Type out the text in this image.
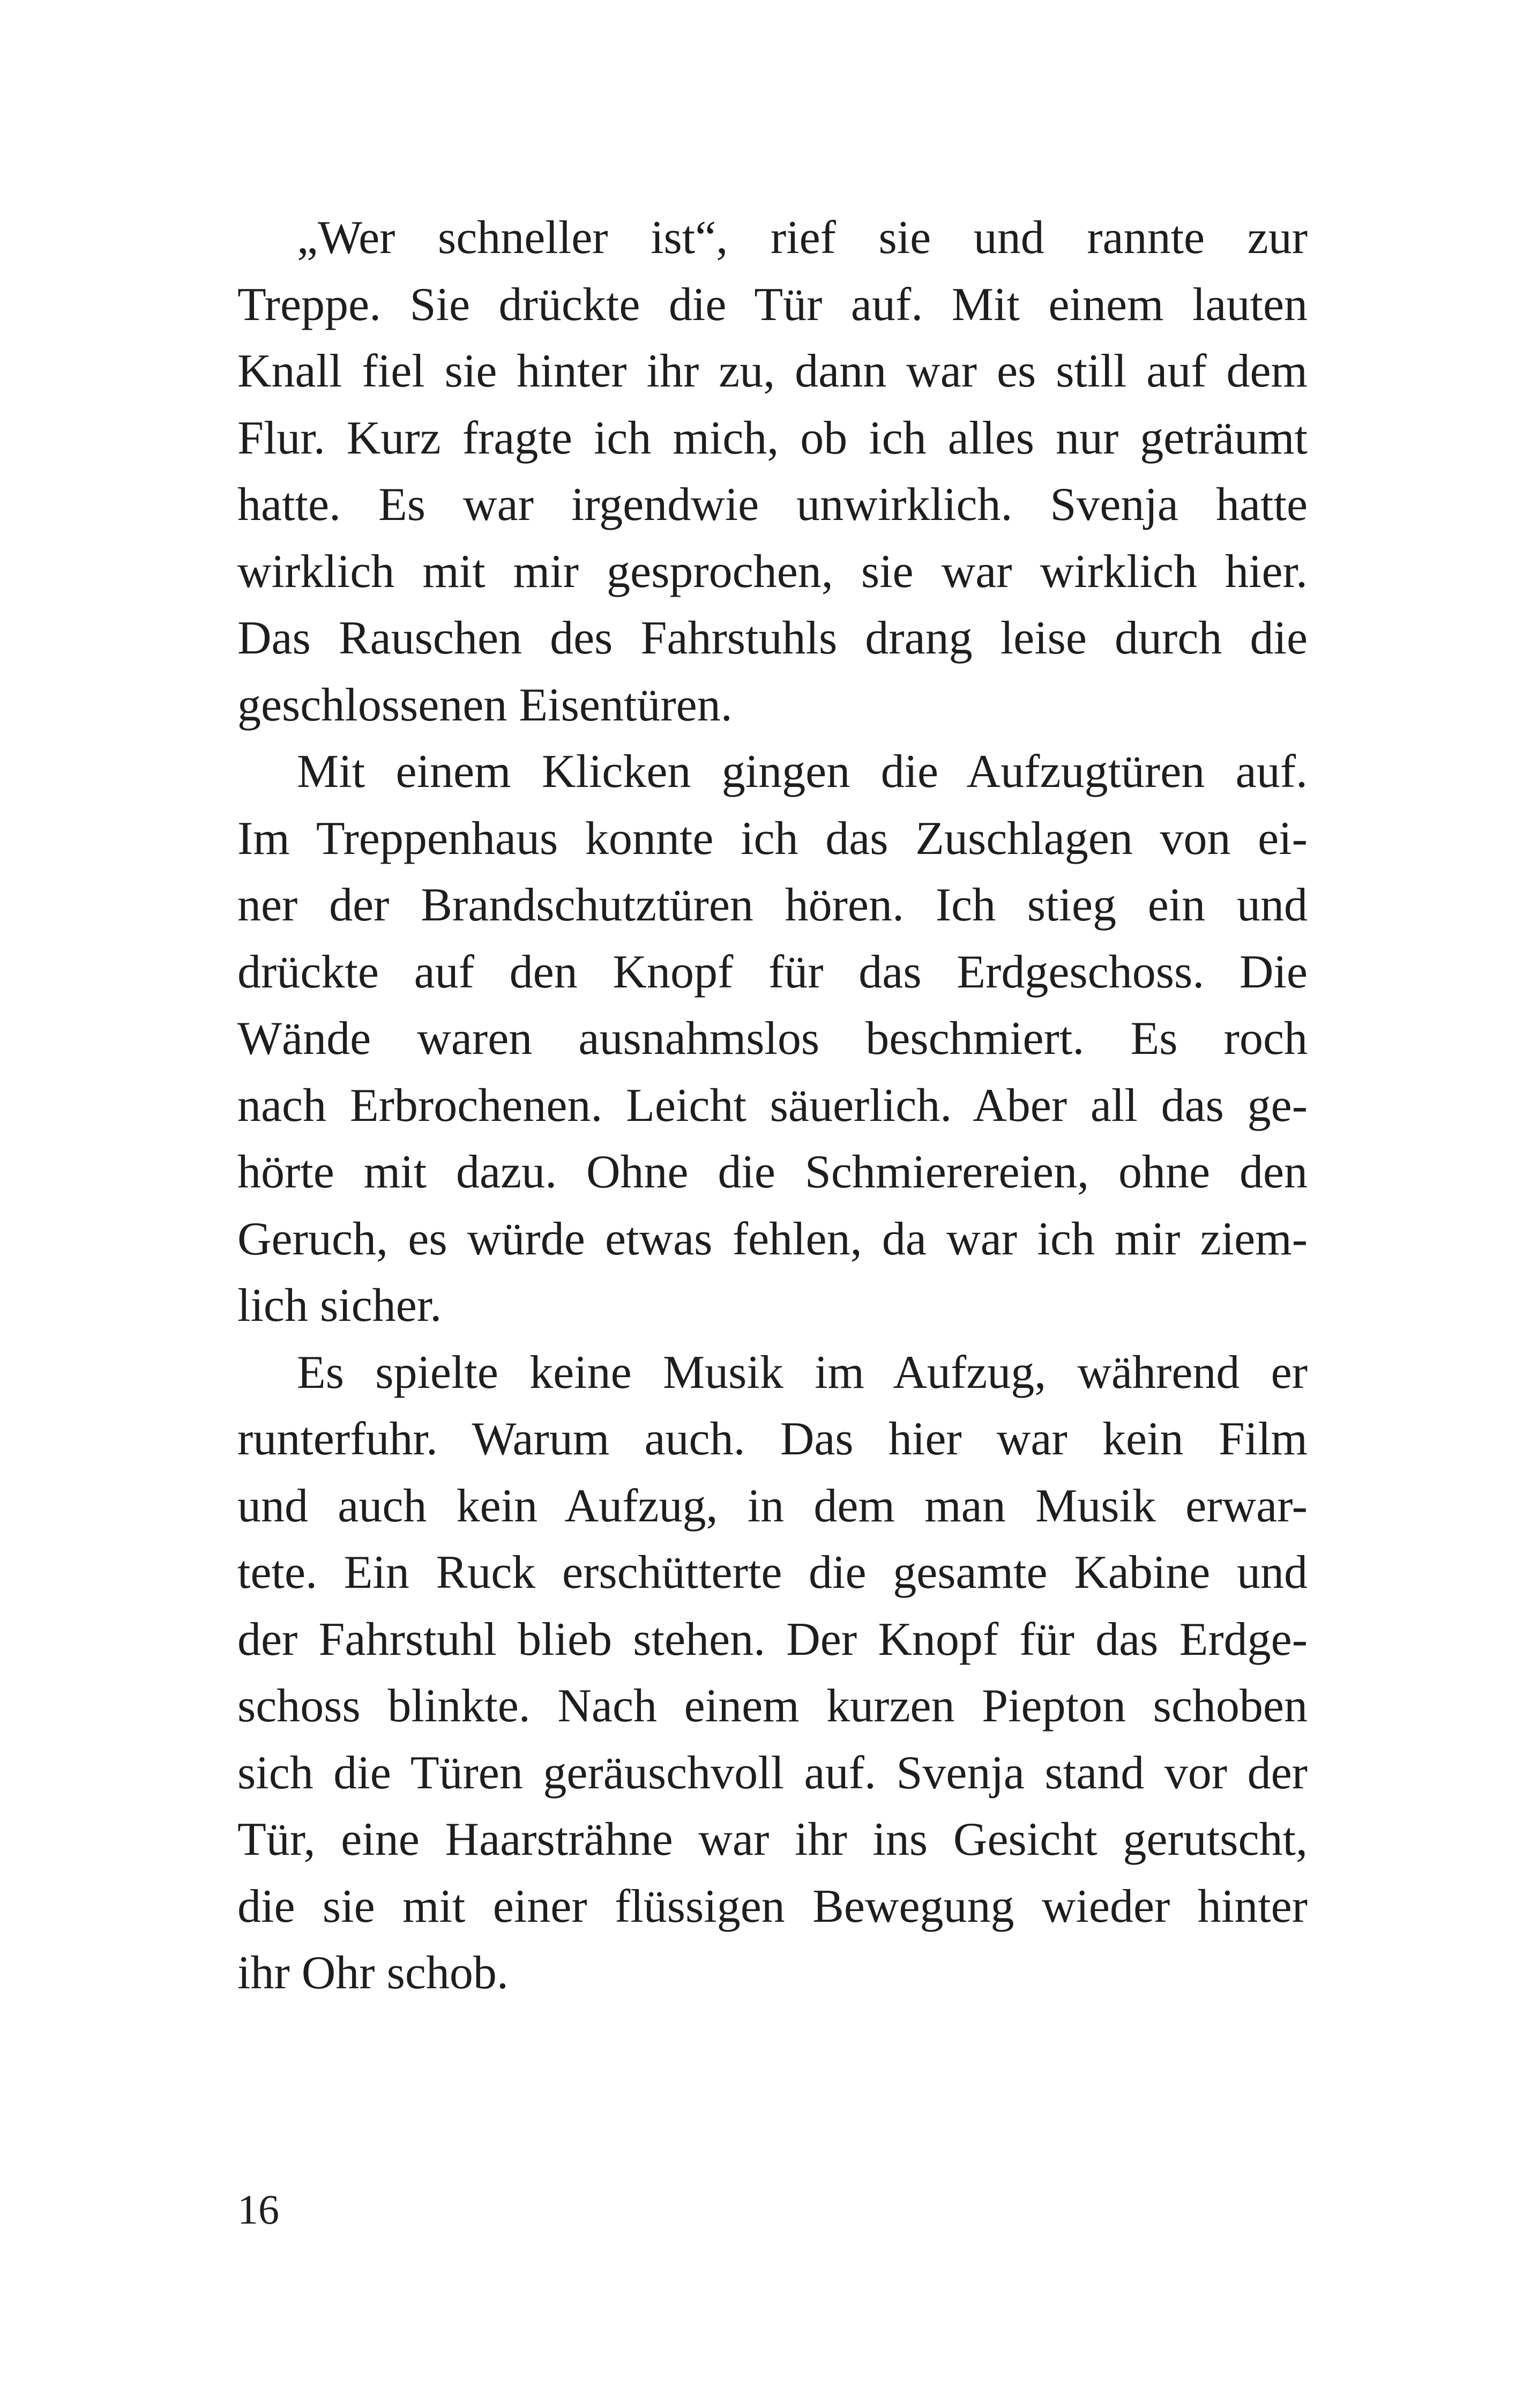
„Wer schneller ist“, rief sie und rannte zur
Treppe. Sie drückte die Tür auf. Mit einem lauten
Knall fiel sie hinter ihr zu, dann war es still auf dem
Flur. Kurz fragte ich mich, ob ich alles nur geträumt
hatte. Es war irgendwie unwirklich. Svenja hatte
wirklich mit mir gesprochen, sie war wirklich hier.
Das Rauschen des Fahrstuhls drang leise durch die
geschlossenen Eisentüren.
Mit einem Klicken gingen die Aufzugtüren auf.
Im Treppenhaus konnte ich das Zuschlagen von ei-
ner der Brandschutztüren hören. Ich stieg ein und
drückte auf den Knopf für das Erdgeschoss. Die
Wände waren ausnahmslos beschmiert. Es roch
nach Erbrochenen. Leicht säuerlich. Aber all das ge-
hörte mit dazu. Ohne die Schmierereien, ohne den
Geruch, es würde etwas fehlen, da war ich mir ziem-
lich sicher.
Es spielte keine Musik im Aufzug, während er
runterfuhr. Warum auch. Das hier war kein Film
und auch kein Aufzug, in dem man Musik erwar-
tete. Ein Ruck erschütterte die gesamte Kabine und
der Fahrstuhl blieb stehen. Der Knopf für das Erdge-
schoss blinkte. Nach einem kurzen Piepton schoben
sich die Türen geräuschvoll auf. Svenja stand vor der
Tür, eine Haarsträhne war ihr ins Gesicht gerutscht,
die sie mit einer flüssigen Bewegung wieder hinter
ihr Ohr schob.
16
